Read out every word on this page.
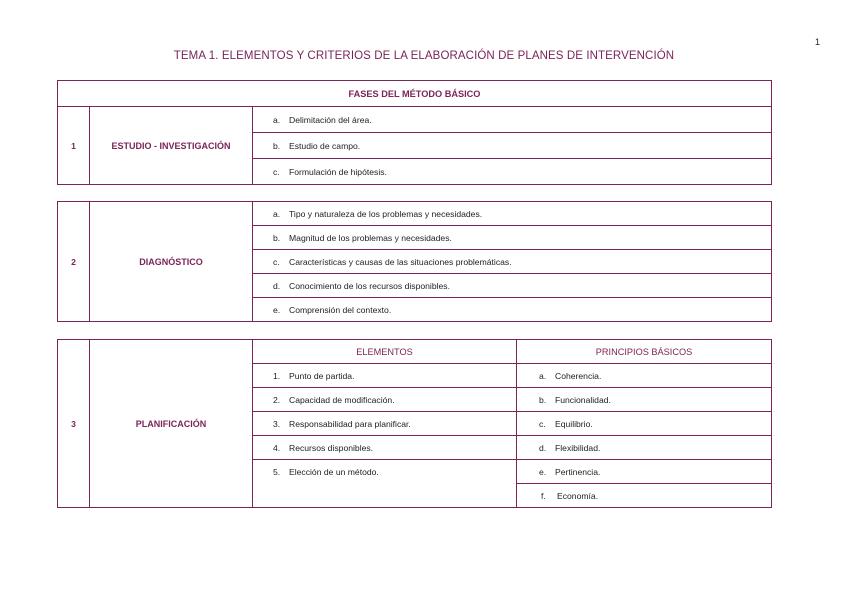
1
TEMA 1. ELEMENTOS Y CRITERIOS DE LA ELABORACIÓN DE PLANES DE INTERVENCIÓN
FASES DEL MÉTODO BÁSICO
1	ESTUDIO - INVESTIGACIÓN	a. Delimitación del área.
b. Estudio de campo.
c. Formulación de hipótesis.
2	DIAGNÓSTICO	a. Tipo y naturaleza de los problemas y necesidades.
b. Magnitud de los problemas y necesidades.
c. Características y causas de las situaciones problemáticas.
d. Conocimiento de los recursos disponibles.
e. Comprensión del contexto.
3	PLANIFICACIÓN	ELEMENTOS	PRINCIPIOS BÁSICOS
		1. Punto de partida.	a. Coherencia.
		2. Capacidad de modificación.	b. Funcionalidad.
		3. Responsabilidad para planificar.	c. Equilibrio.
		4. Recursos disponibles.	d. Flexibilidad.
		5. Elección de un método.	e. Pertinencia.
			f. Economía.
